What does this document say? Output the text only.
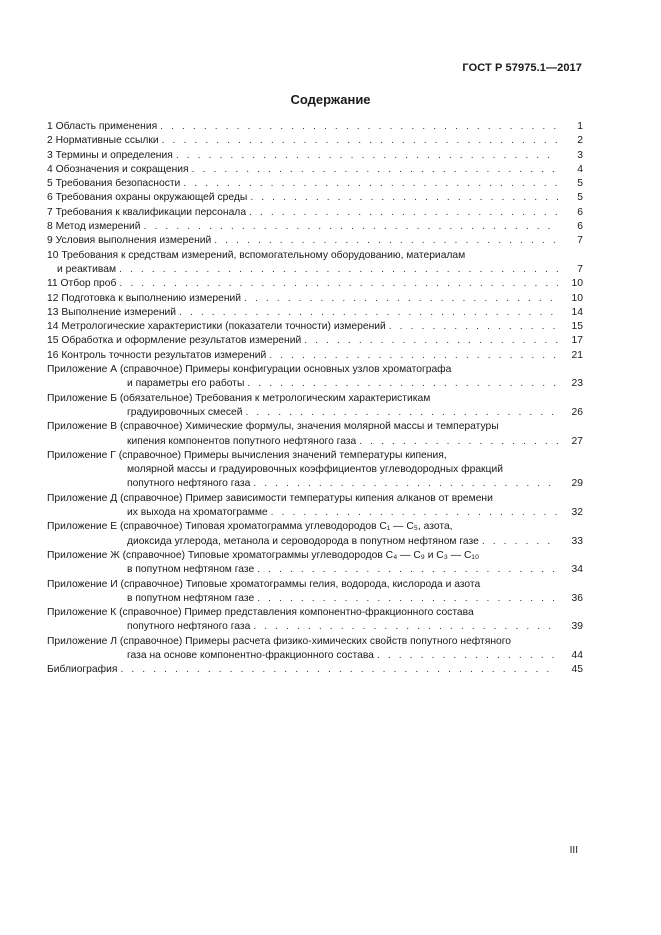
ГОСТ Р 57975.1—2017
Содержание
1 Область применения . . .	1
2 Нормативные ссылки . . .	2
3 Термины и определения . . .	3
4 Обозначения и сокращения . . .	4
5 Требования безопасности . . .	5
6 Требования охраны окружающей среды . . .	5
7 Требования к квалификации персонала . . .	6
8 Метод измерений . . .	6
9 Условия выполнения измерений . . .	7
10 Требования к средствам измерений, вспомогательному оборудованию, материалам
и реактивам . . .	7
11 Отбор проб . . .	10
12 Подготовка к выполнению измерений . . .	10
13 Выполнение измерений . . .	14
14 Метрологические характеристики (показатели точности) измерений . . .	15
15 Обработка и оформление результатов измерений . . .	17
16 Контроль точности результатов измерений . . .	21
Приложение А (справочное) Примеры конфигурации основных узлов хроматографа
и параметры его работы . . .	23
Приложение Б (обязательное) Требования к метрологическим характеристикам
градуировочных смесей . . .	26
Приложение В (справочное) Химические формулы, значения молярной массы и температуры
кипения компонентов попутного нефтяного газа . . .	27
Приложение Г (справочное) Примеры вычисления значений температуры кипения,
молярной массы и градуировочных коэффициентов углеводородных фракций
попутного нефтяного газа . . .	29
Приложение Д (справочное) Пример зависимости температуры кипения алканов от времени
их выхода на хроматограмме . . .	32
Приложение Е (справочное) Типовая хроматограмма углеводородов C₁ — C₅, азота,
диоксида углерода, метанола и сероводорода в попутном нефтяном газе . . .	33
Приложение Ж (справочное) Типовые хроматограммы углеводородов C₄ — C₉ и C₃ — C₁₀
в попутном нефтяном газе . . .	34
Приложение И (справочное) Типовые хроматограммы гелия, водорода, кислорода и азота
в попутном нефтяном газе . . .	36
Приложение К (справочное) Пример представления компонентно-фракционного состава
попутного нефтяного газа . . .	39
Приложение Л (справочное) Примеры расчета физико-химических свойств попутного нефтяного
газа на основе компонентно-фракционного состава . . .	44
Библиография . . .	45
III
